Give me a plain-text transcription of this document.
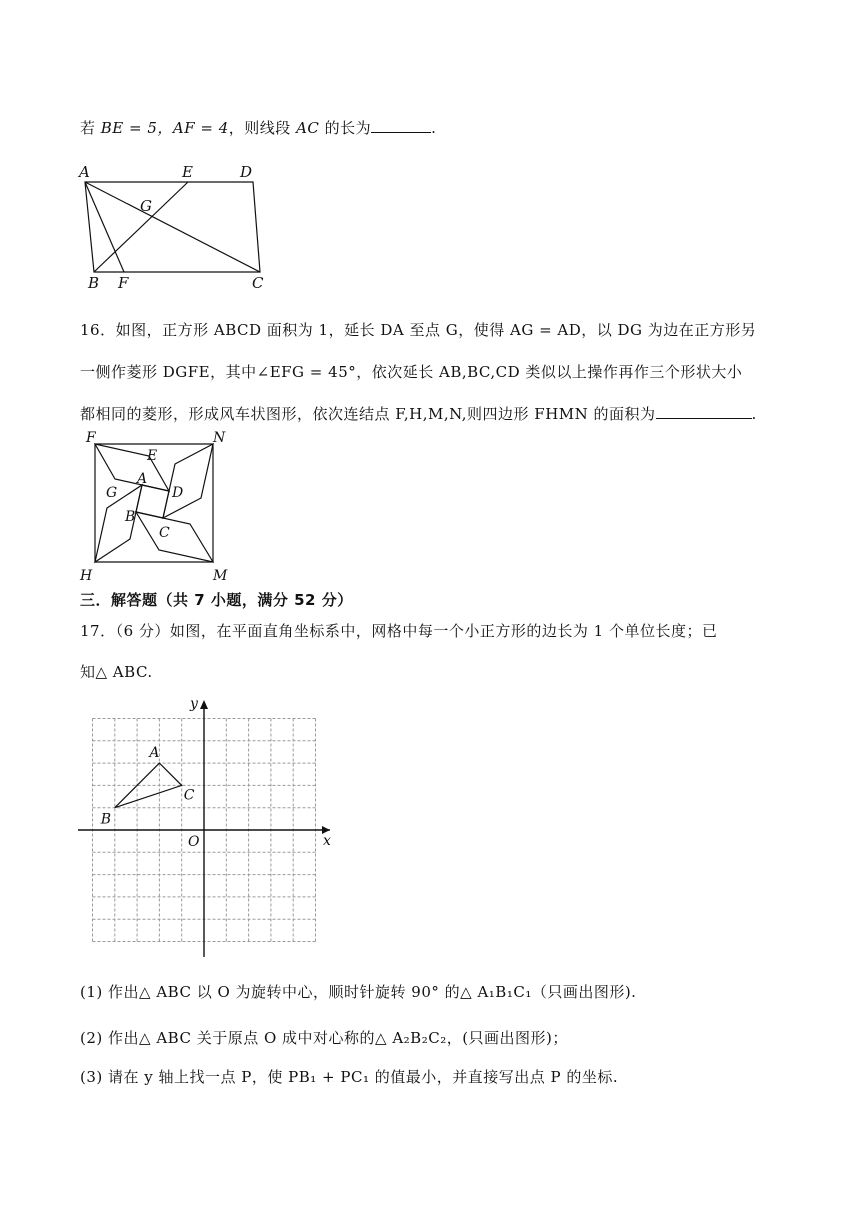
若 BE = 5，AF = 4，则线段 AC 的长为	.
A	E	D
G
B F	C
16．如图，正方形 ABCD 面积为 1，延长 DA 至点 G，使得 AG = AD，以 DG 为边在正方形另
一侧作菱形 DGFE，其中∠EFG = 45°，依次延长 AB,BC,CD 类似以上操作再作三个形状大小
都相同的菱形，形成风车状图形，依次连结点 F,H,M,N,则四边形 FHMN 的面积为	.
F	N
E
A
G	D
B
C
H	M
三．解答题（共 7 小题，满分 52 分）
17．（6 分）如图，在平面直角坐标系中，网格中每一个小正方形的边长为 1 个单位长度；已
知△ ABC.
A
B
C
O	x
y
(1) 作出△ ABC 以 O 为旋转中心，顺时针旋转 90° 的△ A₁B₁C₁（只画出图形).
(2) 作出△ ABC 关于原点 O 成中对心称的△ A₂B₂C₂，(只画出图形)；
(3) 请在 y 轴上找一点 P，使 PB₁ + PC₁ 的值最小，并直接写出点 P 的坐标.
